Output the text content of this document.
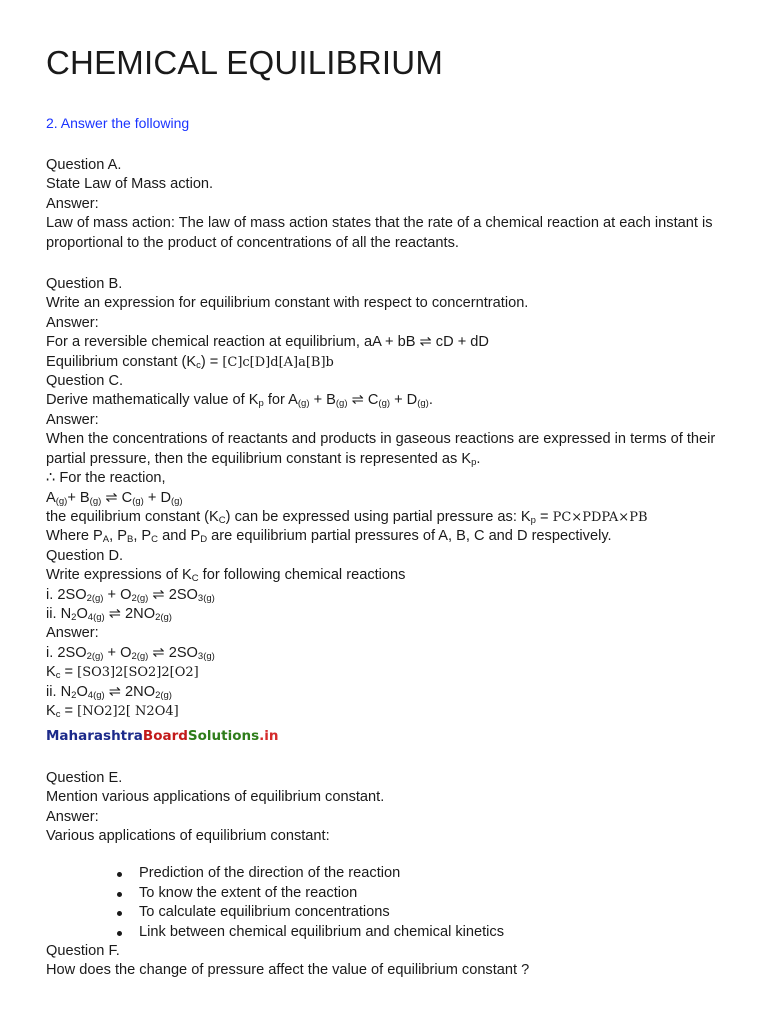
CHEMICAL EQUILIBRIUM
2. Answer the following
Question A.
State Law of Mass action.
Answer:
Law of mass action: The law of mass action states that the rate of a chemical reaction at each instant is proportional to the product of concentrations of all the reactants.
Question B.
Write an expression for equilibrium constant with respect to concerntration.
Answer:
For a reversible chemical reaction at equilibrium, aA + bB ⇌ cD + dD
Equilibrium constant $(K_c) = [C]c[D]d[A]a[B]b$
Question C.
Derive mathematically value of $K_p$ for $A_{(g)} + B_{(g)}$ ⇌ $C_{(g)} + D_{(g)}$.
Answer:
When the concentrations of reactants and products in gaseous reactions are expressed in terms of their partial pressure, then the equilibrium constant is represented as $K_p$.
∴ For the reaction,
$A_{(g)}+ B_{(g)}$ ⇌ $C_{(g)} + D_{(g)}$
the equilibrium constant $(K_C)$ can be expressed using partial pressure as: $K_p$ = PC×PDPA×PB
Where $P_A$, $P_B$, $P_C$ and $P_D$ are equilibrium partial pressures of A, B, C and D respectively.
Question D.
Write expressions of $K_C$ for following chemical reactions
i. $2SO_{2(g)} + O_{2(g)}$ ⇌ $2SO_{3(g)}$
ii. $N_2O_{4(g)}$ ⇌ $2NO_{2(g)}$
Answer:
i. $2SO_{2(g)} + O_{2(g)}$ ⇌ $2SO_{3(g)}$
$K_c = [SO3]2[SO2]2[O2]$
ii. $N_2O_{4(g)}$ ⇌ $2NO_{2(g)}$
$K_c = [NO2]2$[ N2O4]
MaharashtraBoardSolutions.in
Question E.
Mention various applications of equilibrium constant.
Answer:
Various applications of equilibrium constant:
Prediction of the direction of the reaction
To know the extent of the reaction
To calculate equilibrium concentrations
Link between chemical equilibrium and chemical kinetics
Question F.
How does the change of pressure affect the value of equilibrium constant ?
